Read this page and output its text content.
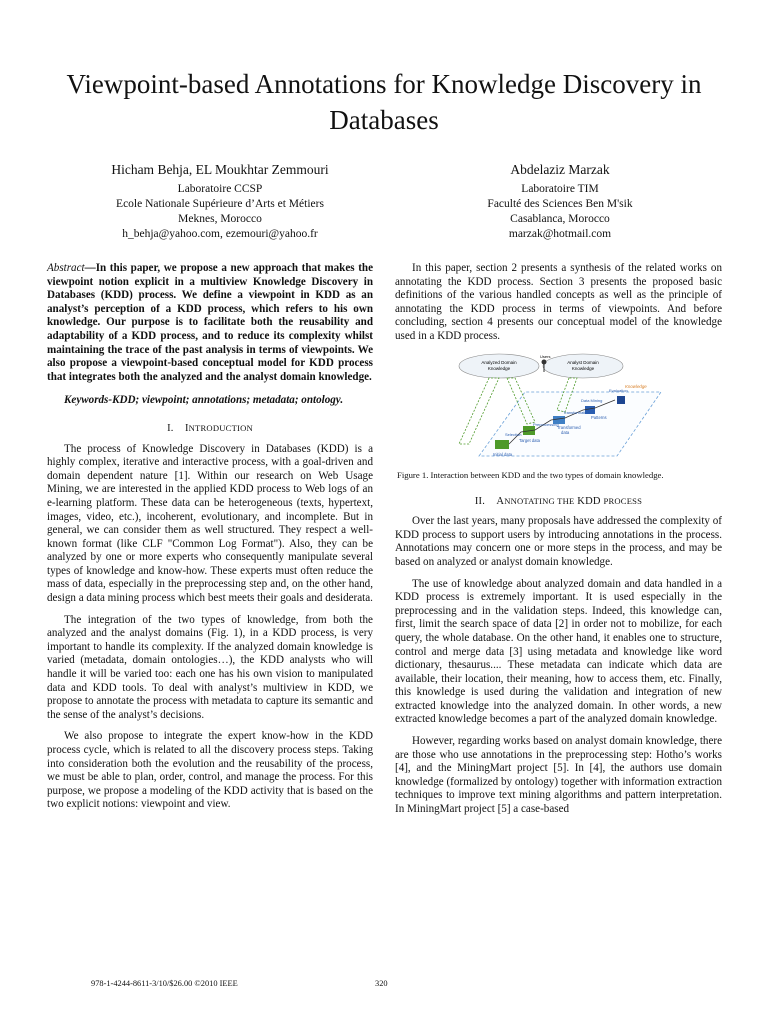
Viewpoint-based Annotations for Knowledge Discovery in Databases
Hicham Behja, EL Moukhtar Zemmouri
Laboratoire CCSP
Ecole Nationale Supérieure d’Arts et Métiers
Meknes, Morocco
h_behja@yahoo.com, ezemouri@yahoo.fr
Abdelaziz Marzak
Laboratoire TIM
Faculté des Sciences Ben M'sik
Casablanca, Morocco
marzak@hotmail.com

Abstract—In this paper, we propose a new approach that makes the viewpoint notion explicit in a multiview Knowledge Discovery in Databases (KDD) process. We define a viewpoint in KDD as an analyst’s perception of a KDD process, which refers to his own knowledge. Our purpose is to facilitate both the reusability and adaptability of a KDD process, and to reduce its complexity whilst maintaining the trace of the past analysis in terms of viewpoints. We also propose a viewpoint-based conceptual model for KDD process that integrates both the analyzed and the analyst domain knowledge.

Keywords-KDD; viewpoint; annotations; metadata; ontology.

I. INTRODUCTION

The process of Knowledge Discovery in Databases (KDD) is a highly complex, iterative and interactive process, with a goal-driven and domain dependent nature [1]. Within our research on Web Usage Mining, we are interested in the applied KDD process to Web logs of an e-learning platform. These data can be heterogeneous (texts, hypertext, images, video, etc.), incoherent, evolutionary, and incomplete. But in general, we can consider them as well structured. They respect a well-known format (like CLF "Common Log Format"). Also, they can be analyzed by one or more experts who consequently manipulate several types of knowledge and know-how. These experts must often reduce the mass of data, especially in the preprocessing step and, on the other hand, design a data mining process which best meets their goals and desiderata.

The integration of the two types of knowledge, from both the analyzed and the analyst domains (Fig. 1), in a KDD process, is very important to handle its complexity. If the analyzed domain knowledge is varied (metadata, domain ontologies…), the KDD analysts who will handle it will be varied too: each one has his own vision to manipulated data and KDD tools. To deal with analyst’s multiview in KDD, we propose to annotate the process with metadata to capture its semantic and the sense of the analyst’s decisions.

We also propose to integrate the expert know-how in the KDD process cycle, which is related to all the discovery process steps. Taking into consideration both the evolution and the reusability of the process, we must be able to plan, order, control, and manage the process. For this purpose, we propose a modeling of the KDD activity that is based on the two explicit notions: viewpoint and view.

In this paper, section 2 presents a synthesis of the related works on annotating the KDD process. Section 3 presents the proposed basic definitions of the various handled concepts as well as the principle of annotating the KDD process in terms of viewpoints. And before concluding, section 4 presents our conceptual model of the knowledge used in a KDD process.

Analyzed Domain
Knowledge
Analyst Domain
Knowledge
Users
Initial data
Target data
Selection
Preprocessing
Transformed
data
Transformation
Data Mining
Patterns
Evaluation
Knowledge

Figure 1. Interaction between KDD and the two types of domain knowledge.

II. ANNOTATING THE KDD PROCESS

Over the last years, many proposals have addressed the complexity of KDD process to support users by introducing annotations in the process. Annotations may concern one or more steps in the process, and may be based on analyzed or analyst domain knowledge.

The use of knowledge about analyzed domain and data handled in a KDD process is extremely important. It is used especially in the preprocessing and in the validation steps. Indeed, this knowledge can, first, limit the search space of data [2] in order not to mobilize, for each query, the whole database. On the other hand, it enables one to structure, control and merge data [3] using metadata and knowledge like word dictionary, thesaurus.... These metadata can indicate which data are available, their location, their meaning, how to access them, etc. Finally, this knowledge is used during the validation and integration of new extracted knowledge into the analyzed domain. In other words, a new extracted knowledge becomes a part of the analyzed domain knowledge.

However, regarding works based on analyst domain knowledge, there are those who use annotations in the preprocessing step: Hotho’s works [4], and the MiningMart project [5]. In [4], the authors use domain knowledge (formalized by ontology) together with information extraction techniques to improve text mining algorithms and pattern interpretation. In MiningMart project [5] a case-based

978-1-4244-8611-3/10/$26.00 ©2010 IEEE	320
